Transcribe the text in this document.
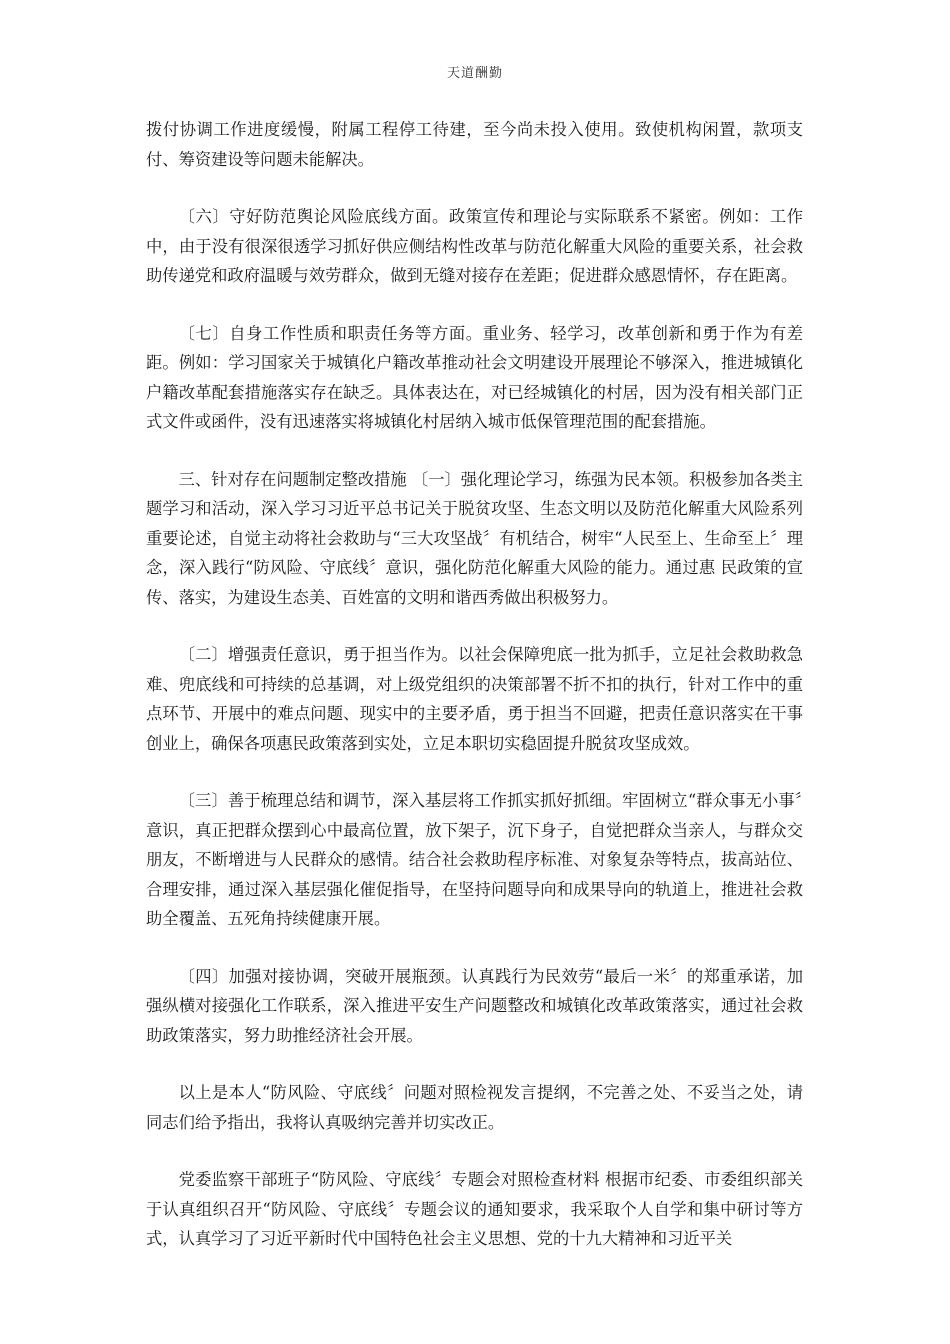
天道酬勤

拨付协调工作进度缓慢，附属工程停工待建，至今尚未投入使用。致使机构闲置，款项支付、筹资建设等问题未能解决。

〔六〕守好防范舆论风险底线方面。政策宣传和理论与实际联系不紧密。例如：工作中，由于没有很深很透学习抓好供应侧结构性改革与防范化解重大风险的重要关系，社会救助传递党和政府温暖与效劳群众，做到无缝对接存在差距；促进群众感恩情怀，存在距离。

〔七〕自身工作性质和职责任务等方面。重业务、轻学习，改革创新和勇于作为有差距。例如：学习国家关于城镇化户籍改革推动社会文明建设开展理论不够深入，推进城镇化户籍改革配套措施落实存在缺乏。具体表达在，对已经城镇化的村居，因为没有相关部门正式文件或函件，没有迅速落实将城镇化村居纳入城市低保管理范围的配套措施。

三、针对存在问题制定整改措施 〔一〕强化理论学习，练强为民本领。积极参加各类主题学习和活动，深入学习习近平总书记关于脱贫攻坚、生态文明以及防范化解重大风险系列重要论述，自觉主动将社会救助与“三大攻坚战〞有机结合，树牢“人民至上、生命至上〞理念，深入践行“防风险、守底线〞意识，强化防范化解重大风险的能力。通过惠 民政策的宣传、落实，为建设生态美、百姓富的文明和谐西秀做出积极努力。

〔二〕增强责任意识，勇于担当作为。以社会保障兜底一批为抓手，立足社会救助救急难、兜底线和可持续的总基调，对上级党组织的决策部署不折不扣的执行，针对工作中的重点环节、开展中的难点问题、现实中的主要矛盾，勇于担当不回避，把责任意识落实在干事创业上，确保各项惠民政策落到实处，立足本职切实稳固提升脱贫攻坚成效。

〔三〕善于梳理总结和调节，深入基层将工作抓实抓好抓细。牢固树立“群众事无小事〞意识，真正把群众摆到心中最高位置，放下架子，沉下身子，自觉把群众当亲人，与群众交朋友，不断增进与人民群众的感情。结合社会救助程序标准、对象复杂等特点，拔高站位、合理安排，通过深入基层强化催促指导，在坚持问题导向和成果导向的轨道上，推进社会救助全覆盖、五死角持续健康开展。

〔四〕加强对接协调，突破开展瓶颈。认真践行为民效劳“最后一米〞的郑重承诺，加强纵横对接强化工作联系，深入推进平安生产问题整改和城镇化改革政策落实，通过社会救助政策落实，努力助推经济社会开展。

以上是本人“防风险、守底线〞问题对照检视发言提纲，不完善之处、不妥当之处，请同志们给予指出，我将认真吸纳完善并切实改正。

党委监察干部班子“防风险、守底线〞专题会对照检查材料 根据市纪委、市委组织部关于认真组织召开“防风险、守底线〞专题会议的通知要求，我采取个人自学和集中研讨等方式，认真学习了习近平新时代中国特色社会主义思想、党的十九大精神和习近平关
